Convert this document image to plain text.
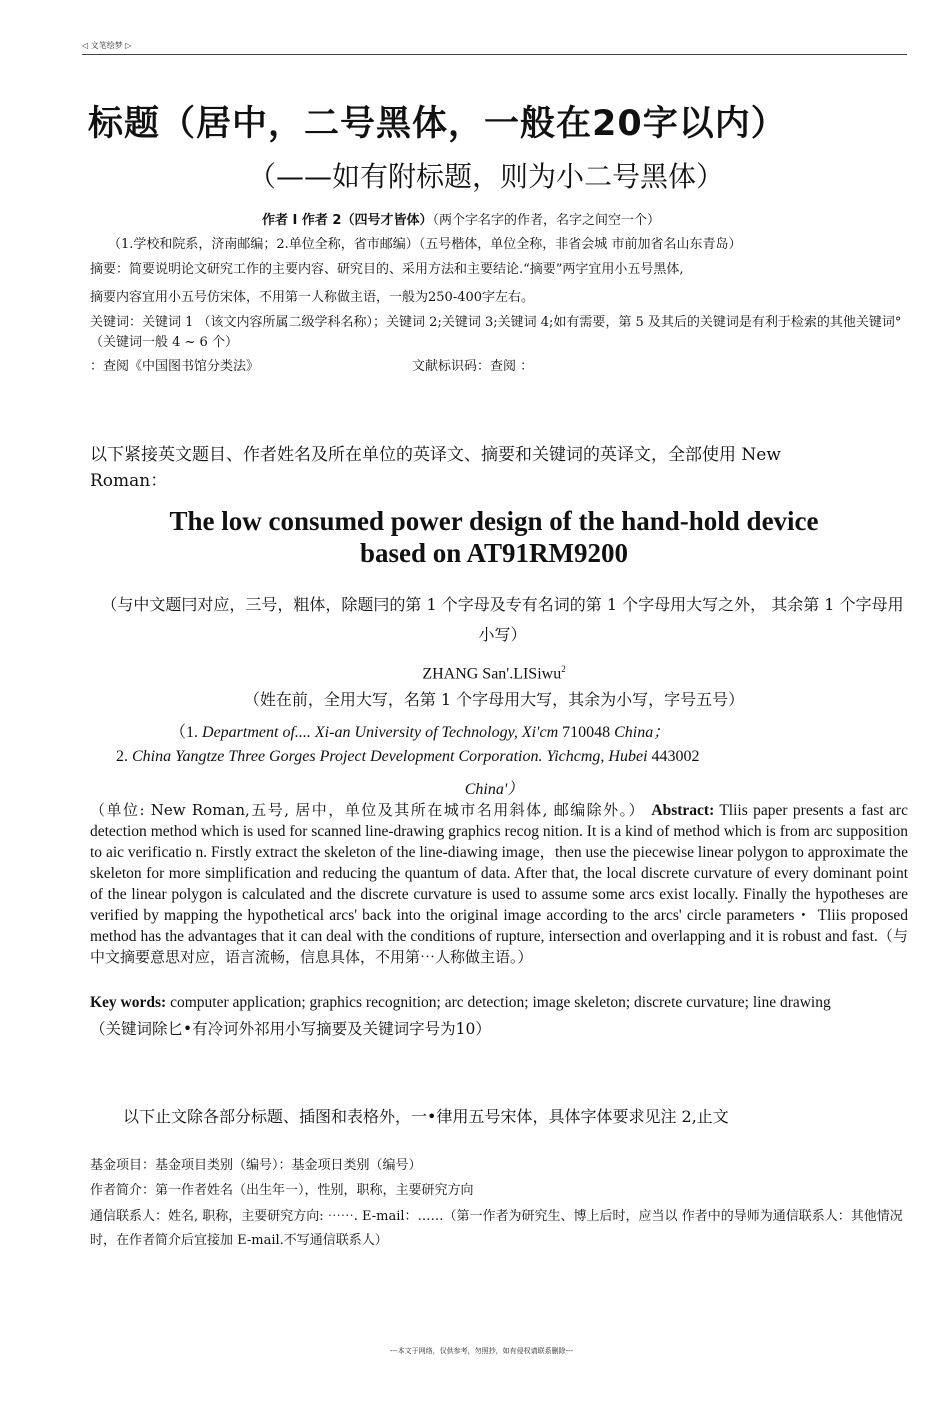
◁ 文笔绘梦 ▷
标题（居中，二号黑体，一般在20字以内）
（——如有附标题，则为小二号黑体）
作者 I 作者 2（四号才皆体）（两个字名字的作者，名字之间空一个）
（1.学校和院系，济南邮编；2.单位全称，省市邮编）（五号楷体，单位全称，非省会城 市前加省名山东青岛）
摘要：简要说明论文研究工作的主要内容、研究目的、采用方法和主要结论.“摘要”两字宜用小五号黑体,
摘要内容宜用小五号仿宋体，不用第一人称做主语，一般为250-400字左右。
关键词：关键词 1 （该文内容所属二级学科名称）；关键词 2;关键词 3;关键词 4;如有需要，第 5 及其后的关键词是有利于检索的其他关键词° （关键词一般 4 ~ 6 个）
：查阅《中国图书馆分类法》	文献标识码：查阅 ：
以下紧接英文题目、作者姓名及所在单位的英译文、摘要和关键词的英译文，全部使用 New Roman：
The low consumed power design of the hand-hold device
based on AT91RM9200
（与中文题冃对应，三号，粗体，除题冃的第 1 个字母及专有名词的第 1 个字母用大写之外， 其余第 1 个字母用小写）
ZHANG San'.LISiwu$^2$
（姓在前，全用大写，名第 1 个字母用大写，其余为小写，字号五号）
（1. Department of.... Xi-an University of Technology, Xi'cm 710048 China；
2. China Yangtze Three Gorges Project Development Corporation. Yichcmg, Hubei 443002
China'）
（单位: New Roman,五号, 居中，单位及其所在城市名用斜体, 邮编除外。） Abstract: Tliis paper presents a fast arc detection method which is used for scanned line-drawing graphics recog nition. It is a kind of method which is from arc supposition to aic verificatio n. Firstly extract the skeleton of the line-diawing image，then use the piecewise linear polygon to approximate the skeleton for more simplification and reducing the quantum of data. After that, the local discrete curvature of every dominant point of the linear polygon is calculated and the discrete curvature is used to assume some arcs exist locally. Finally the hypotheses are verified by mapping the hypothetical arcs' back into the original image according to the arcs' circle parameters・ Tliis proposed method has the advantages that it can deal with the conditions of rupture, intersection and overlapping and it is robust and fast.（与中文摘要意思对应，语言流畅，信息具体，不用第⋯人称做主语。）
Key words: computer application; graphics recognition; arc detection; image skeleton; discrete curvature; line drawing
（关键词除匕•有冷诃外祁用小写摘要及关键词字号为10）
以下止文除各部分标题、插图和表格外，一•律用五号宋体，具体字体要求见注 2,止文
基金项目：基金项目类别（编号）：基金项日类别（编号）
作者简介：第一作者姓名（出生年一），性别，职称，主要研究方向
通信联系人：姓名, 职称，主要研究方向: ⋯⋯. E-mail：……（第一作者为研究生、博上后时，应当以 作者中的导师为通信联系人：其他情况时，在作者简介后宜接加 E-mail.不写通信联系人）
---本文于网络，仅供参考，勿照抄，如有侵权请联系删除---
